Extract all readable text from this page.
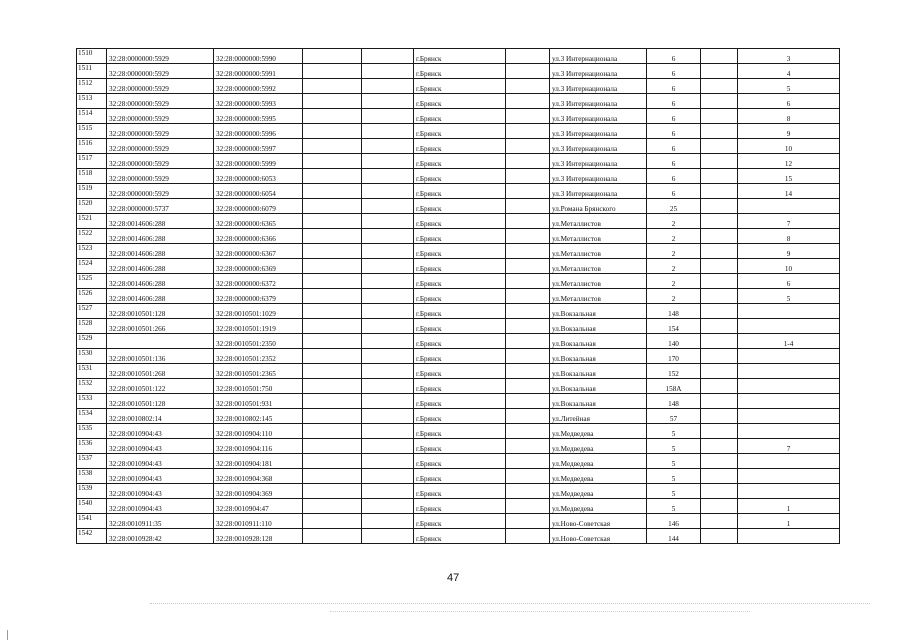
1510	32:28:0000000:5929	32:28:0000000:5990			г.Брянск		ул.3 Интернационала	6		3
1511	32:28:0000000:5929	32:28:0000000:5991			г.Брянск		ул.3 Интернационала	6		4
1512	32:28:0000000:5929	32:28:0000000:5992			г.Брянск		ул.3 Интернационала	6		5
1513	32:28:0000000:5929	32:28:0000000:5993			г.Брянск		ул.3 Интернационала	6		6
1514	32:28:0000000:5929	32:28:0000000:5995			г.Брянск		ул.3 Интернационала	6		8
1515	32:28:0000000:5929	32:28:0000000:5996			г.Брянск		ул.3 Интернационала	6		9
1516	32:28:0000000:5929	32:28:0000000:5997			г.Брянск		ул.3 Интернационала	6		10
1517	32:28:0000000:5929	32:28:0000000:5999			г.Брянск		ул.3 Интернационала	6		12
1518	32:28:0000000:5929	32:28:0000000:6053			г.Брянск		ул.3 Интернационала	6		15
1519	32:28:0000000:5929	32:28:0000000:6054			г.Брянск		ул.3 Интернационала	6		14
1520	32:28:0000000:5737	32:28:0000000:6079			г.Брянск		ул.Романа Брянского	25		
1521	32:28:0014606:288	32:28:0000000:6365			г.Брянск		ул.Металлистов	2		7
1522	32:28:0014606:288	32:28:0000000:6366			г.Брянск		ул.Металлистов	2		8
1523	32:28:0014606:288	32:28:0000000:6367			г.Брянск		ул.Металлистов	2		9
1524	32:28:0014606:288	32:28:0000000:6369			г.Брянск		ул.Металлистов	2		10
1525	32:28:0014606:288	32:28:0000000:6372			г.Брянск		ул.Металлистов	2		6
1526	32:28:0014606:288	32:28:0000000:6379			г.Брянск		ул.Металлистов	2		5
1527	32:28:0010501:128	32:28:0010501:1029			г.Брянск		ул.Вокзальная	148		
1528	32:28:0010501:266	32:28:0010501:1919			г.Брянск		ул.Вокзальная	154		
1529		32:28:0010501:2350			г.Брянск		ул.Вокзальная	140		1-4
1530	32:28:0010501:136	32:28:0010501:2352			г.Брянск		ул.Вокзальная	170		
1531	32:28:0010501:268	32:28:0010501:2365			г.Брянск		ул.Вокзальная	152		
1532	32:28:0010501:122	32:28:0010501:750			г.Брянск		ул.Вокзальная	158А		
1533	32:28:0010501:128	32:28:0010501:931			г.Брянск		ул.Вокзальная	148		
1534	32:28:0010802:14	32:28:0010802:145			г.Брянск		ул.Литейная	57		
1535	32:28:0010904:43	32:28:0010904:110			г.Брянск		ул.Медведева	5		
1536	32:28:0010904:43	32:28:0010904:116			г.Брянск		ул.Медведева	5		7
1537	32:28:0010904:43	32:28:0010904:181			г.Брянск		ул.Медведева	5		
1538	32:28:0010904:43	32:28:0010904:368			г.Брянск		ул.Медведева	5		
1539	32:28:0010904:43	32:28:0010904:369			г.Брянск		ул.Медведева	5		
1540	32:28:0010904:43	32:28:0010904:47			г.Брянск		ул.Медведева	5		1
1541	32:28:0010911:35	32:28:0010911:110			г.Брянск		ул.Ново-Советская	146		1
1542	32:28:0010928:42	32:28:0010928:128			г.Брянск		ул.Ново-Советская	144		
47
